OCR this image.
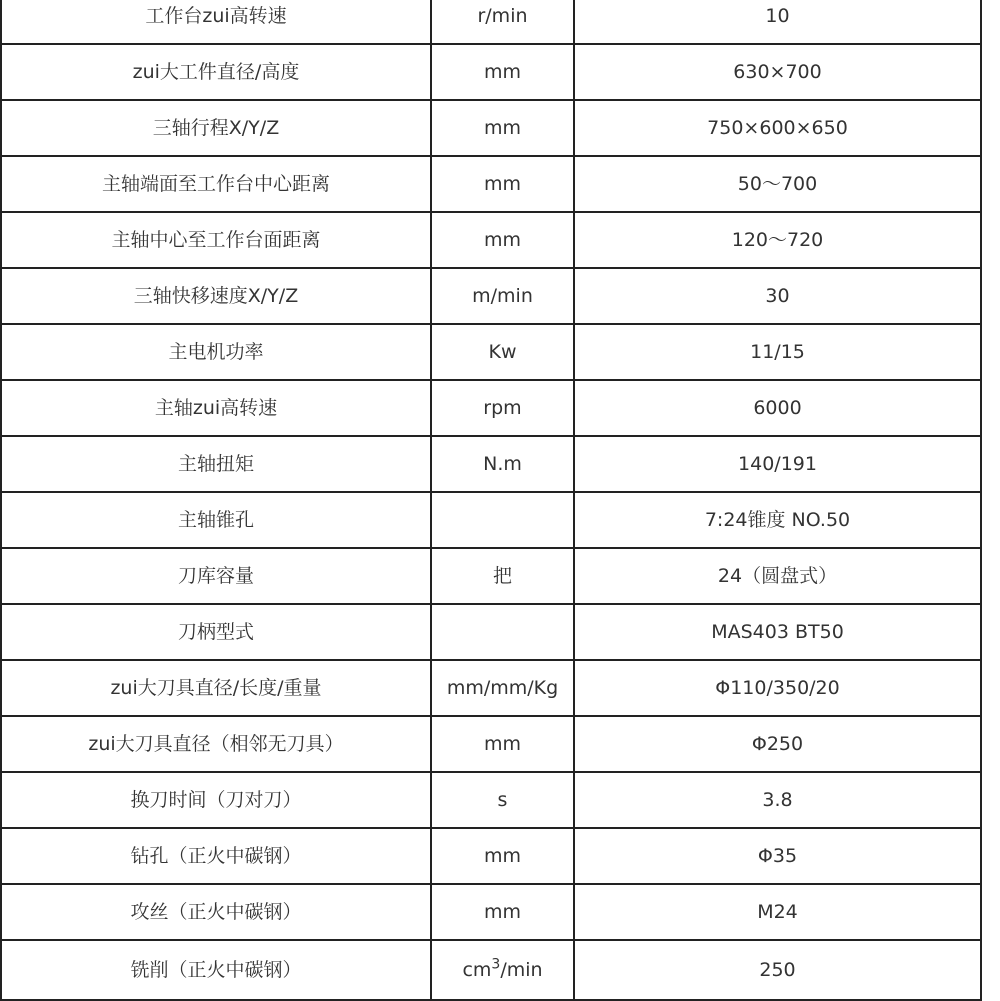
工作台zui高转速	r/min	10
zui大工件直径/高度	mm	630×700
三轴行程X/Y/Z	mm	750×600×650
主轴端面至工作台中心距离	mm	50～700
主轴中心至工作台面距离	mm	120～720
三轴快移速度X/Y/Z	m/min	30
主电机功率	Kw	11/15
主轴zui高转速	rpm	6000
主轴扭矩	N.m	140/191
主轴锥孔		7:24锥度 NO.50
刀库容量	把	24（圆盘式）
刀柄型式		MAS403 BT50
zui大刀具直径/长度/重量	mm/mm/Kg	Φ110/350/20
zui大刀具直径（相邻无刀具）	mm	Φ250
换刀时间（刀对刀）	s	3.8
钻孔（正火中碳钢）	mm	Φ35
攻丝（正火中碳钢）	mm	M24
铣削（正火中碳钢）	$cm^3/\min$	250
